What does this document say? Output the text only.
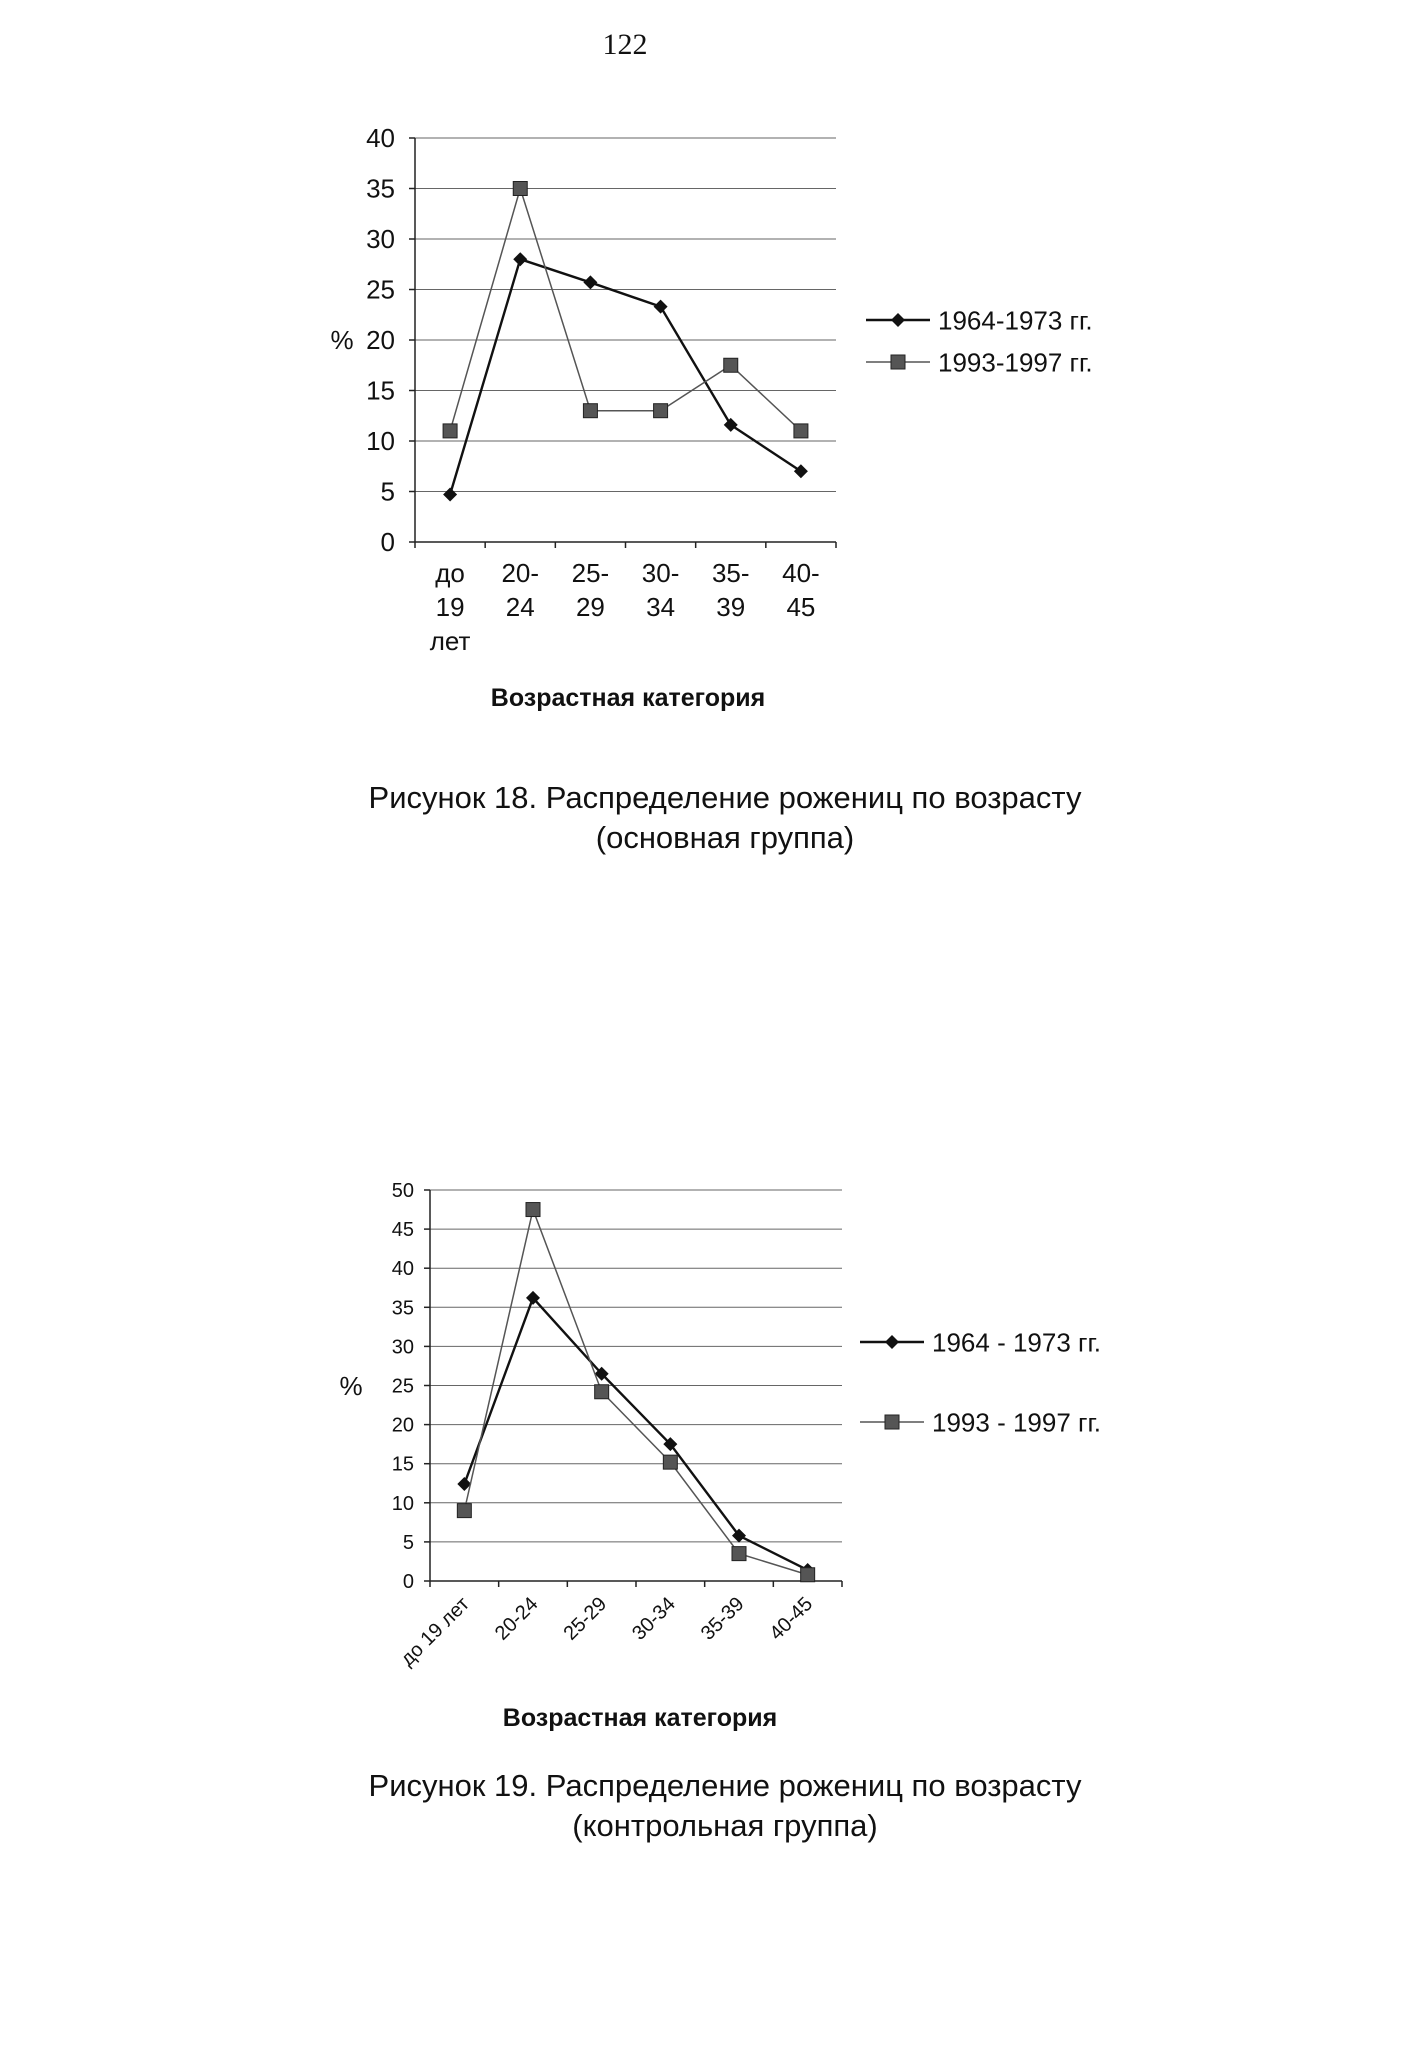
122
0
5
10
15
20
25
30
35
40
до 19 лет
20-24
25-29
30-34
35-39
40-45
%
Возрастная категория
1964-1973 гг.
1993-1997 гг.
Рисунок 18. Распределение рожениц по возрасту
(основная группа)
0
5
10
15
20
25
30
35
40
45
50
до 19 лет 20-24 25-29 30-34 35-39 40-45
%
Возрастная категория
1964 - 1973 гг.
1993 - 1997 гг.
Рисунок 19. Распределение рожениц по возрасту
(контрольная группа)
